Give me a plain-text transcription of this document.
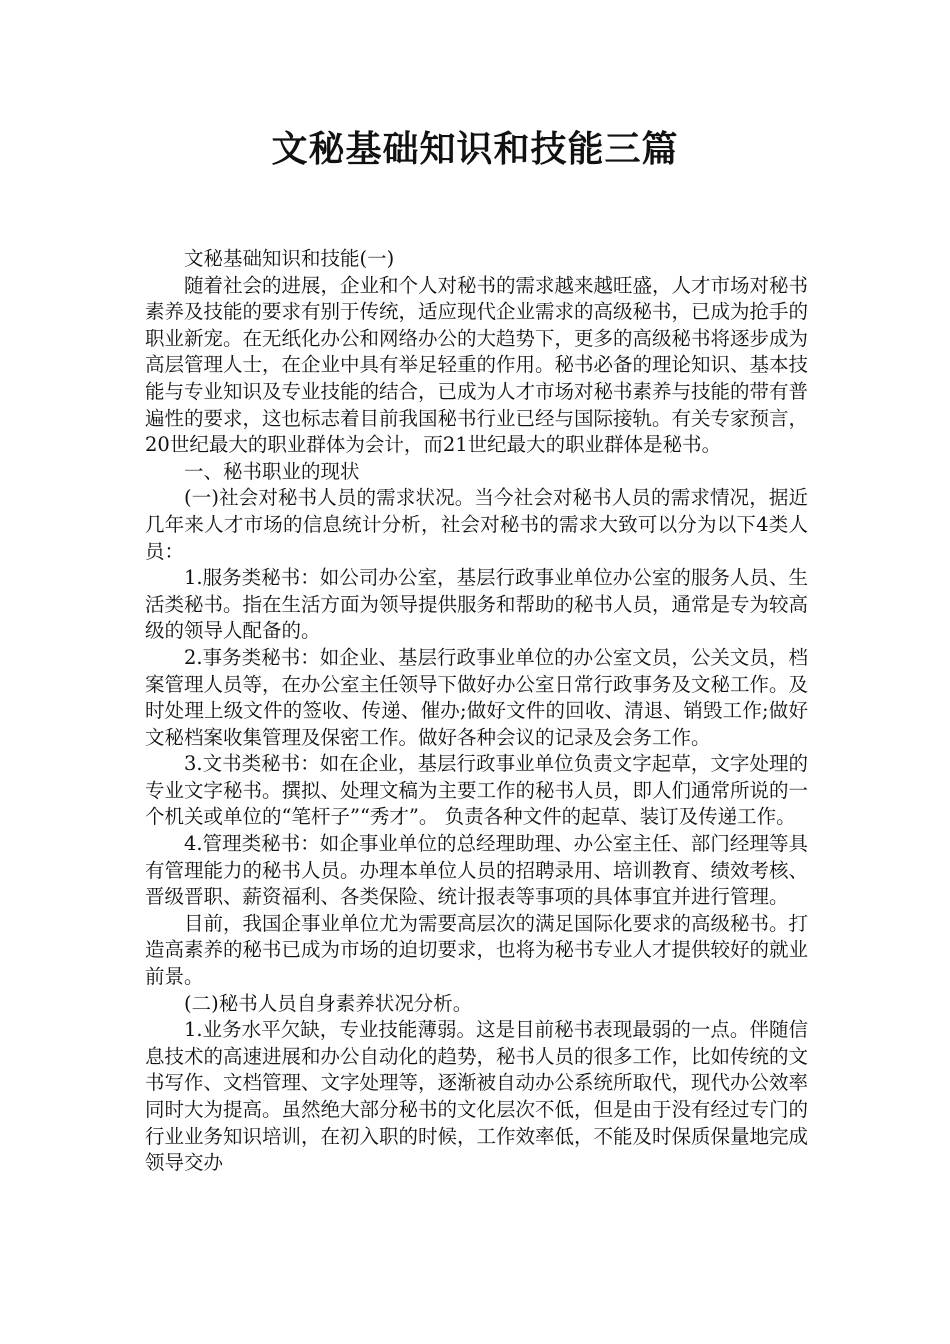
文秘基础知识和技能三篇

文秘基础知识和技能(一)

随着社会的进展，企业和个人对秘书的需求越来越旺盛，人才市场对秘书素养及技能的要求有别于传统，适应现代企业需求的高级秘书，已成为抢手的职业新宠。在无纸化办公和网络办公的大趋势下，更多的高级秘书将逐步成为高层管理人士，在企业中具有举足轻重的作用。秘书必备的理论知识、基本技能与专业知识及专业技能的结合，已成为人才市场对秘书素养与技能的带有普遍性的要求，这也标志着目前我国秘书行业已经与国际接轨。有关专家预言，20世纪最大的职业群体为会计，而21世纪最大的职业群体是秘书。

一、秘书职业的现状

(一)社会对秘书人员的需求状况。当今社会对秘书人员的需求情况，据近几年来人才市场的信息统计分析，社会对秘书的需求大致可以分为以下4类人员：

1.服务类秘书：如公司办公室，基层行政事业单位办公室的服务人员、生活类秘书。指在生活方面为领导提供服务和帮助的秘书人员，通常是专为较高级的领导人配备的。

2.事务类秘书：如企业、基层行政事业单位的办公室文员，公关文员，档案管理人员等，在办公室主任领导下做好办公室日常行政事务及文秘工作。及时处理上级文件的签收、传递、催办;做好文件的回收、清退、销毁工作;做好文秘档案收集管理及保密工作。做好各种会议的记录及会务工作。

3.文书类秘书：如在企业，基层行政事业单位负责文字起草，文字处理的专业文字秘书。撰拟、处理文稿为主要工作的秘书人员，即人们通常所说的一个机关或单位的“笔杆子”“秀才”。 负责各种文件的起草、装订及传递工作。

4.管理类秘书：如企事业单位的总经理助理、办公室主任、部门经理等具有管理能力的秘书人员。办理本单位人员的招聘录用、培训教育、绩效考核、晋级晋职、薪资福利、各类保险、统计报表等事项的具体事宜并进行管理。

目前，我国企事业单位尤为需要高层次的满足国际化要求的高级秘书。打造高素养的秘书已成为市场的迫切要求，也将为秘书专业人才提供较好的就业前景。

(二)秘书人员自身素养状况分析。

1.业务水平欠缺，专业技能薄弱。这是目前秘书表现最弱的一点。伴随信息技术的高速进展和办公自动化的趋势，秘书人员的很多工作，比如传统的文书写作、文档管理、文字处理等，逐渐被自动办公系统所取代，现代办公效率同时大为提高。虽然绝大部分秘书的文化层次不低，但是由于没有经过专门的行业业务知识培训，在初入职的时候，工作效率低，不能及时保质保量地完成领导交办
